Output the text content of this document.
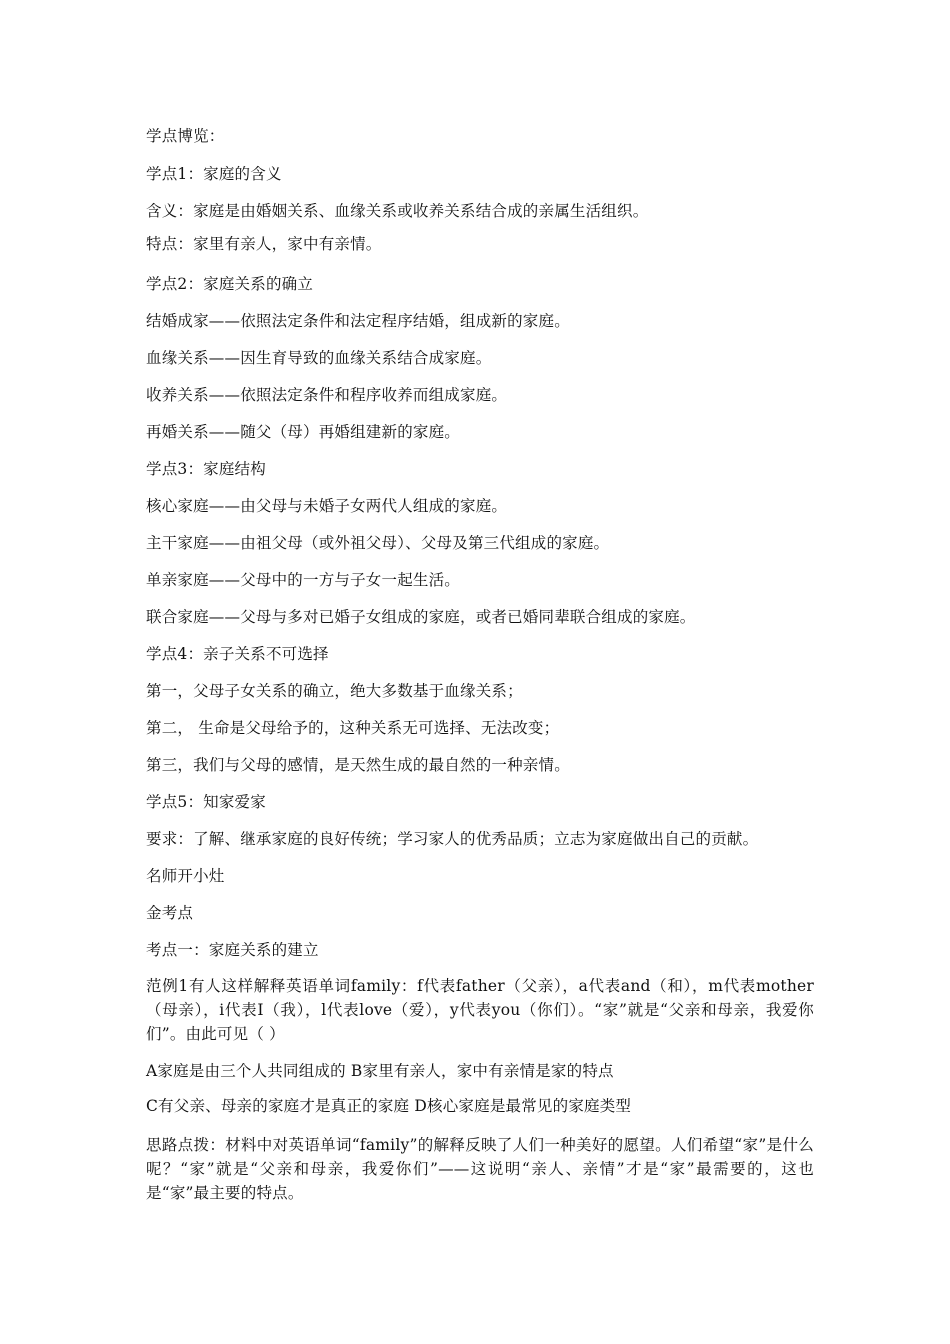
学点博览：
学点1：家庭的含义
含义：家庭是由婚姻关系、血缘关系或收养关系结合成的亲属生活组织。
特点：家里有亲人，家中有亲情。
学点2：家庭关系的确立
结婚成家——依照法定条件和法定程序结婚，组成新的家庭。
血缘关系——因生育导致的血缘关系结合成家庭。
收养关系——依照法定条件和程序收养而组成家庭。
再婚关系——随父（母）再婚组建新的家庭。
学点3：家庭结构
核心家庭——由父母与未婚子女两代人组成的家庭。
主干家庭——由祖父母（或外祖父母）、父母及第三代组成的家庭。
单亲家庭——父母中的一方与子女一起生活。
联合家庭——父母与多对已婚子女组成的家庭，或者已婚同辈联合组成的家庭。
学点4：亲子关系不可选择
第一，父母子女关系的确立，绝大多数基于血缘关系；
第二， 生命是父母给予的，这种关系无可选择、无法改变；
第三，我们与父母的感情，是天然生成的最自然的一种亲情。
学点5：知家爱家
要求：了解、继承家庭的良好传统；学习家人的优秀品质；立志为家庭做出自己的贡献。
名师开小灶
金考点
考点一：家庭关系的建立
范例1有人这样解释英语单词family：f代表father（父亲），a代表and（和），m代表mother（母亲），i代表I（我），l代表love（爱），y代表you（你们）。“家”就是“父亲和母亲，我爱你们”。由此可见（ ）
A家庭是由三个人共同组成的 B家里有亲人，家中有亲情是家的特点
C有父亲、母亲的家庭才是真正的家庭 D核心家庭是最常见的家庭类型
思路点拨：材料中对英语单词“family”的解释反映了人们一种美好的愿望。人们希望“家”是什么呢？“家”就是“父亲和母亲，我爱你们”——这说明“亲人、亲情”才是“家”最需要的，这也是“家”最主要的特点。
